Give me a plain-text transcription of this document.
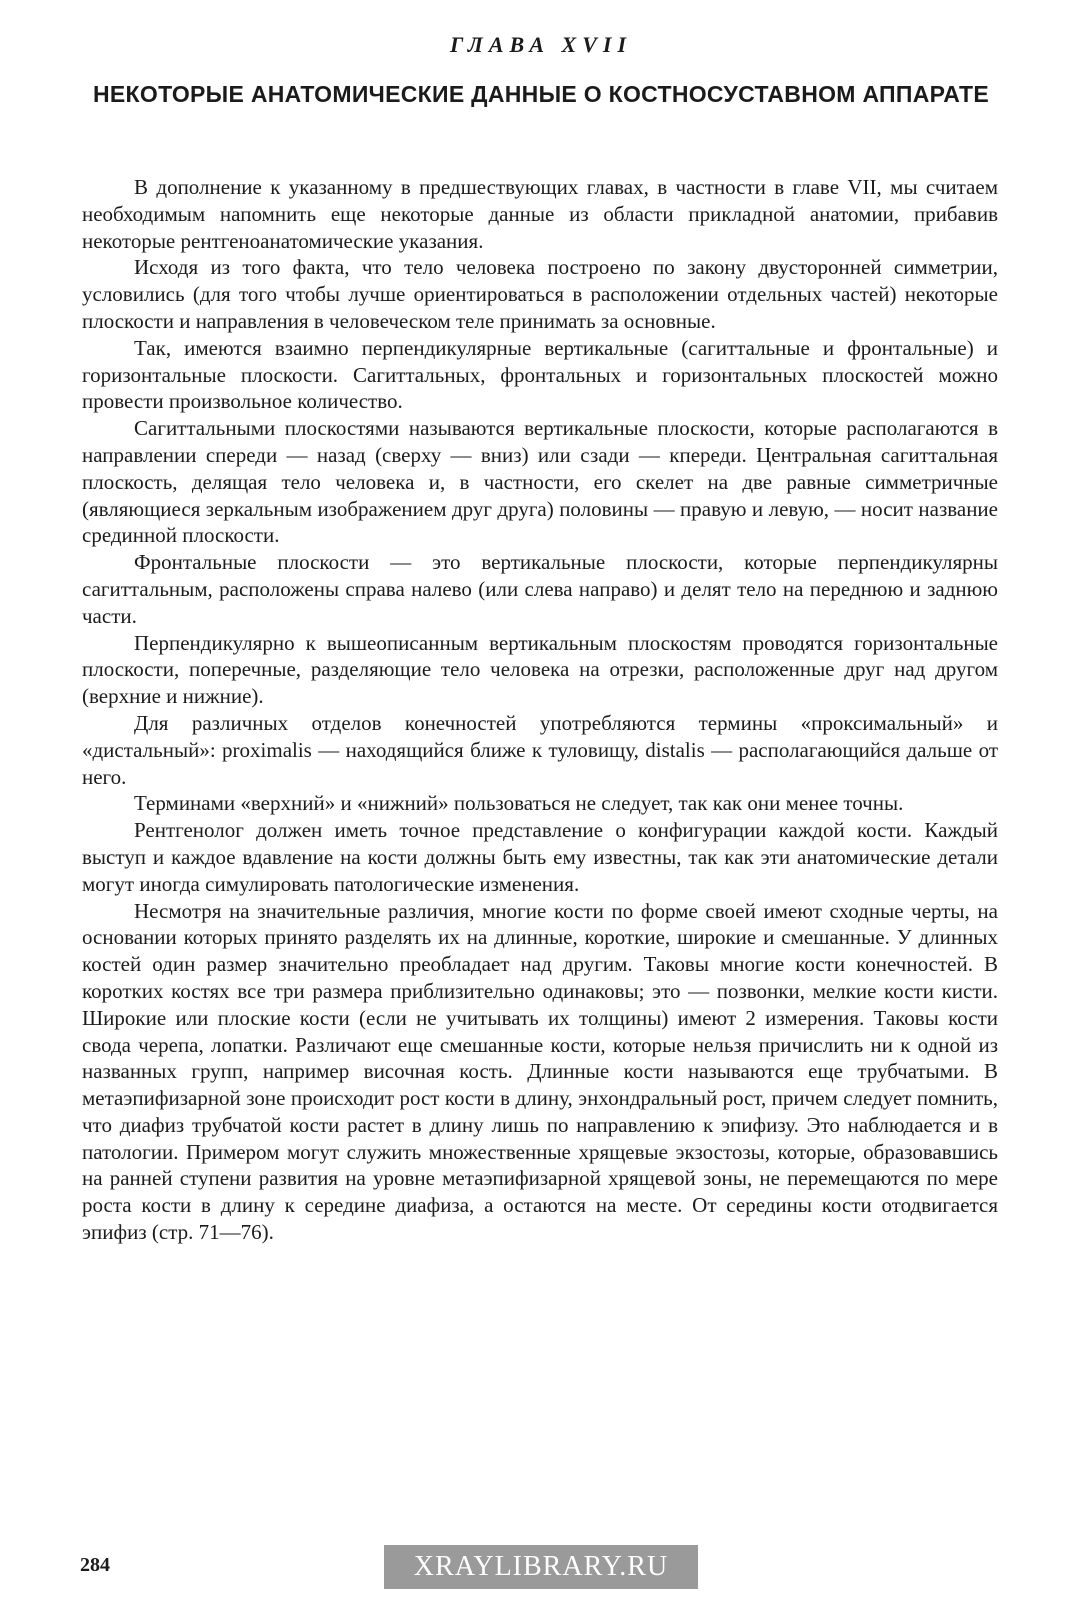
ГЛАВА XVII
НЕКОТОРЫЕ АНАТОМИЧЕСКИЕ ДАННЫЕ О КОСТНОСУСТАВНОМ АППАРАТЕ

В дополнение к указанному в предшествующих главах, в частности в главе VII, мы считаем необходимым напомнить еще некоторые данные из области прикладной анатомии, прибавив некоторые рентгеноанатомические указания.

Исходя из того факта, что тело человека построено по закону двусторонней симметрии, условились (для того чтобы лучше ориентироваться в расположении отдельных частей) некоторые плоскости и направления в человеческом теле принимать за основные.

Так, имеются взаимно перпендикулярные вертикальные (сагиттальные и фронтальные) и горизонтальные плоскости. Сагиттальных, фронтальных и горизонтальных плоскостей можно провести произвольное количество.

Сагиттальными плоскостями называются вертикальные плоскости, которые располагаются в направлении спереди — назад (сверху — вниз) или сзади — кпереди. Центральная сагиттальная плоскость, делящая тело человека и, в частности, его скелет на две равные симметричные (являющиеся зеркальным изображением друг друга) половины — правую и левую, — носит название срединной плоскости.

Фронтальные плоскости — это вертикальные плоскости, которые перпендикулярны сагиттальным, расположены справа налево (или слева направо) и делят тело на переднюю и заднюю части.

Перпендикулярно к вышеописанным вертикальным плоскостям проводятся горизонтальные плоскости, поперечные, разделяющие тело человека на отрезки, расположенные друг над другом (верхние и нижние).

Для различных отделов конечностей употребляются термины «проксимальный» и «дистальный»: proximalis — находящийся ближе к туловищу, distalis — располагающийся дальше от него.

Терминами «верхний» и «нижний» пользоваться не следует, так как они менее точны.

Рентгенолог должен иметь точное представление о конфигурации каждой кости. Каждый выступ и каждое вдавление на кости должны быть ему известны, так как эти анатомические детали могут иногда симулировать патологические изменения.

Несмотря на значительные различия, многие кости по форме своей имеют сходные черты, на основании которых принято разделять их на длинные, короткие, широкие и смешанные. У длинных костей один размер значительно преобладает над другим. Таковы многие кости конечностей. В коротких костях все три размера приблизительно одинаковы; это — позвонки, мелкие кости кисти. Широкие или плоские кости (если не учитывать их толщины) имеют 2 измерения. Таковы кости свода черепа, лопатки. Различают еще смешанные кости, которые нельзя причислить ни к одной из названных групп, например височная кость. Длинные кости называются еще трубчатыми. В метаэпифизарной зоне происходит рост кости в длину, энхондральный рост, причем следует помнить, что диафиз трубчатой кости растет в длину лишь по направлению к эпифизу. Это наблюдается и в патологии. Примером могут служить множественные хрящевые экзостозы, которые, образовавшись на ранней ступени развития на уровне метаэпифизарной хрящевой зоны, не перемещаются по мере роста кости в длину к середине диафиза, а остаются на месте. От середины кости отодвигается эпифиз (стр. 71—76).

284	XRAYLIBRARY.RU
